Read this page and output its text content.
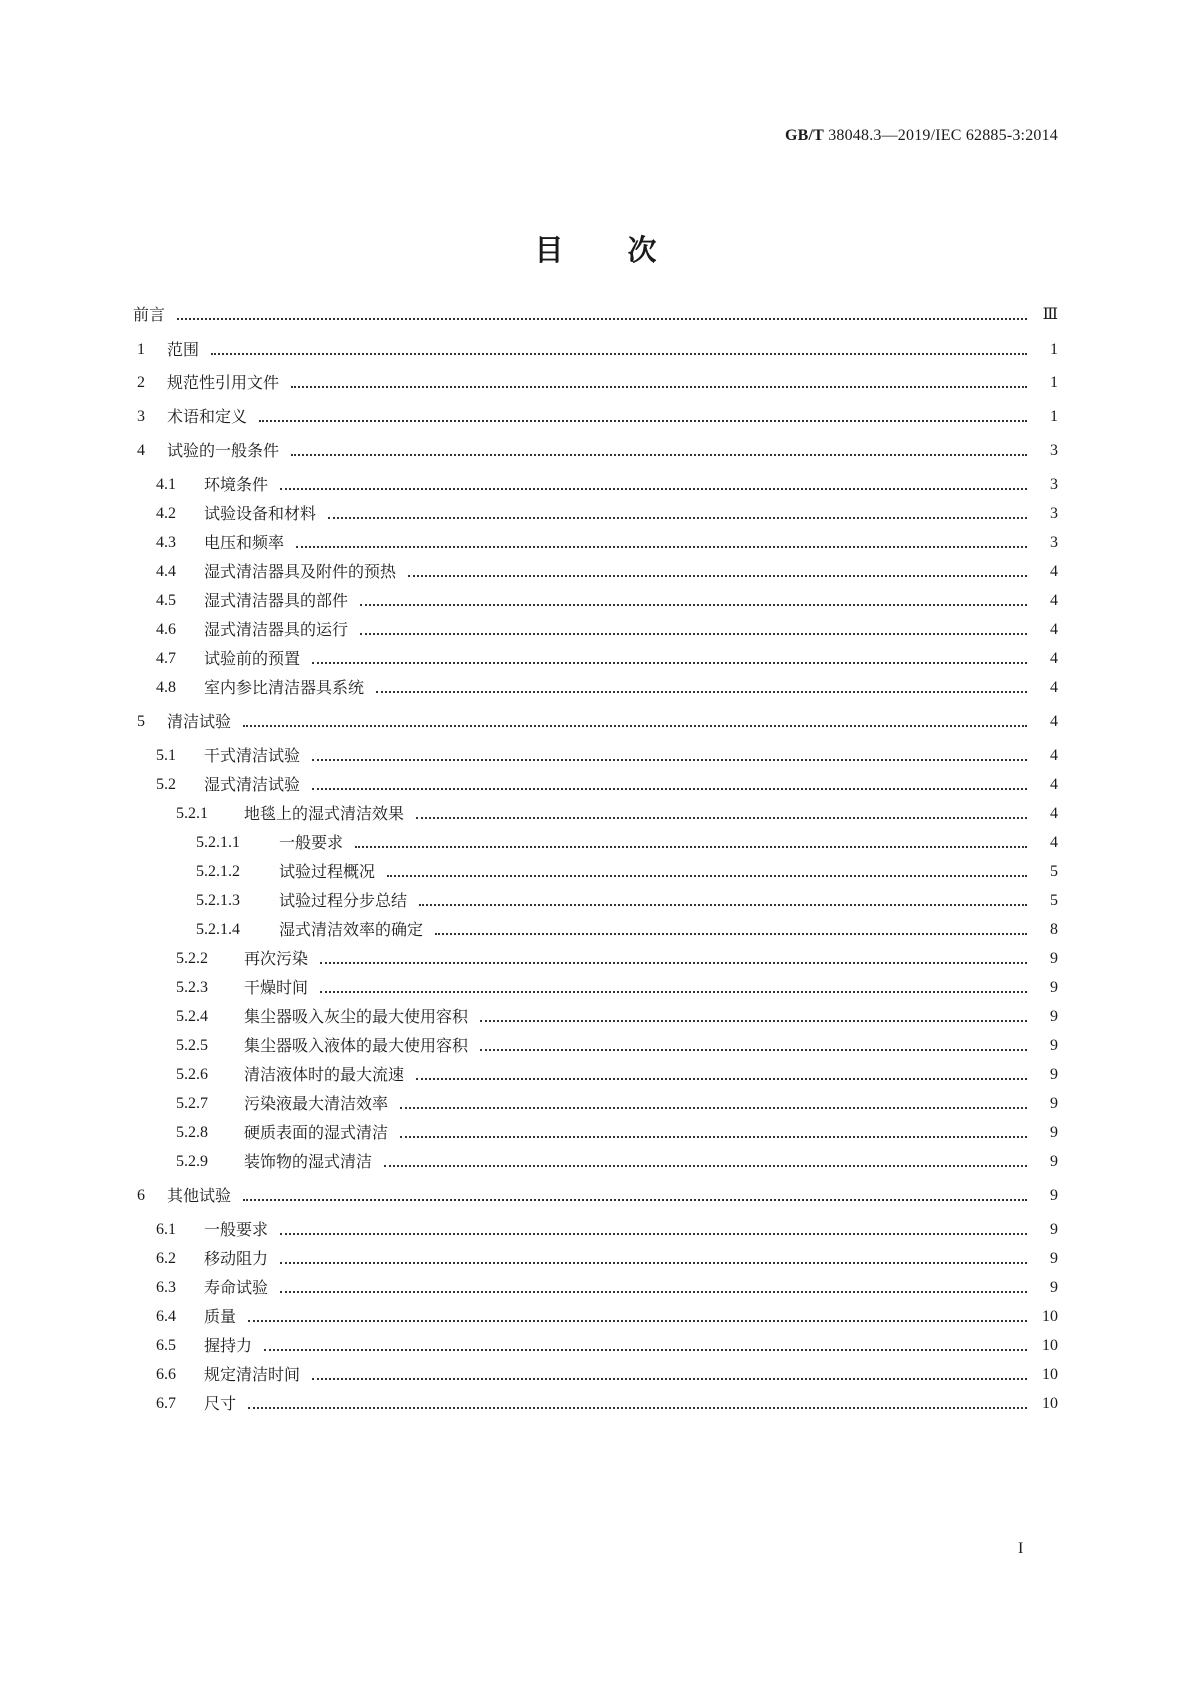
GB/T 38048.3—2019/IEC 62885-3:2014
目次
前言	Ⅲ
1 范围	1
2 规范性引用文件	1
3 术语和定义	1
4 试验的一般条件	3
4.1 环境条件	3
4.2 试验设备和材料	3
4.3 电压和频率	3
4.4 湿式清洁器具及附件的预热	4
4.5 湿式清洁器具的部件	4
4.6 湿式清洁器具的运行	4
4.7 试验前的预置	4
4.8 室内参比清洁器具系统	4
5 清洁试验	4
5.1 干式清洁试验	4
5.2 湿式清洁试验	4
5.2.1 地毯上的湿式清洁效果	4
5.2.1.1 一般要求	4
5.2.1.2 试验过程概况	5
5.2.1.3 试验过程分步总结	5
5.2.1.4 湿式清洁效率的确定	8
5.2.2 再次污染	9
5.2.3 干燥时间	9
5.2.4 集尘器吸入灰尘的最大使用容积	9
5.2.5 集尘器吸入液体的最大使用容积	9
5.2.6 清洁液体时的最大流速	9
5.2.7 污染液最大清洁效率	9
5.2.8 硬质表面的湿式清洁	9
5.2.9 装饰物的湿式清洁	9
6 其他试验	9
6.1 一般要求	9
6.2 移动阻力	9
6.3 寿命试验	9
6.4 质量	10
6.5 握持力	10
6.6 规定清洁时间	10
6.7 尺寸	10
I
